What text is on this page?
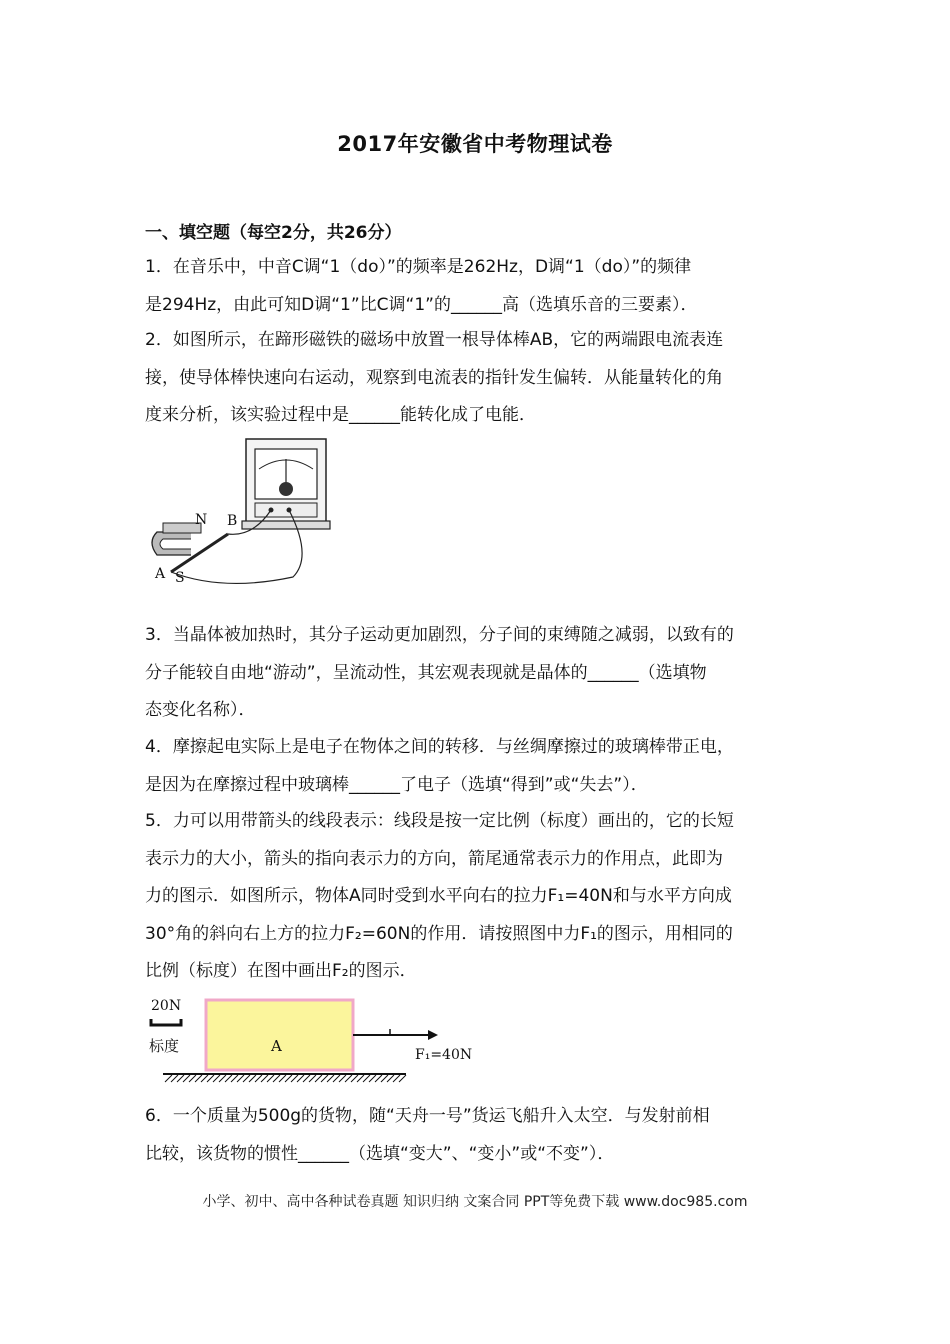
2017年安徽省中考物理试卷
一、填空题（每空2分，共26分）
1．在音乐中，中音C调“1（do）”的频率是262Hz，D调“1（do）”的频律
是294Hz，由此可知D调“1”比C调“1”的______高（选填乐音的三要素）．
2．如图所示，在蹄形磁铁的磁场中放置一根导体棒AB，它的两端跟电流表连
接，使导体棒快速向右运动，观察到电流表的指针发生偏转．从能量转化的角
度来分析，该实验过程中是______能转化成了电能．
N B
A S
3．当晶体被加热时，其分子运动更加剧烈，分子间的束缚随之减弱，以致有的
分子能较自由地“游动”，呈流动性，其宏观表现就是晶体的______（选填物
态变化名称）．
4．摩擦起电实际上是电子在物体之间的转移．与丝绸摩擦过的玻璃棒带正电，
是因为在摩擦过程中玻璃棒______了电子（选填“得到”或“失去”）．
5．力可以用带箭头的线段表示：线段是按一定比例（标度）画出的，它的长短
表示力的大小，箭头的指向表示力的方向，箭尾通常表示力的作用点，此即为
力的图示．如图所示，物体A同时受到水平向右的拉力F₁=40N和与水平方向成
30°角的斜向右上方的拉力F₂=60N的作用．请按照图中力F₁的图示，用相同的
比例（标度）在图中画出F₂的图示．
20N
标度	A	F₁=40N
6．一个质量为500g的货物，随“天舟一号”货运飞船升入太空．与发射前相
比较，该货物的惯性______（选填“变大”、“变小”或“不变”）．
小学、初中、高中各种试卷真题 知识归纳 文案合同 PPT等免费下载 www.doc985.com
